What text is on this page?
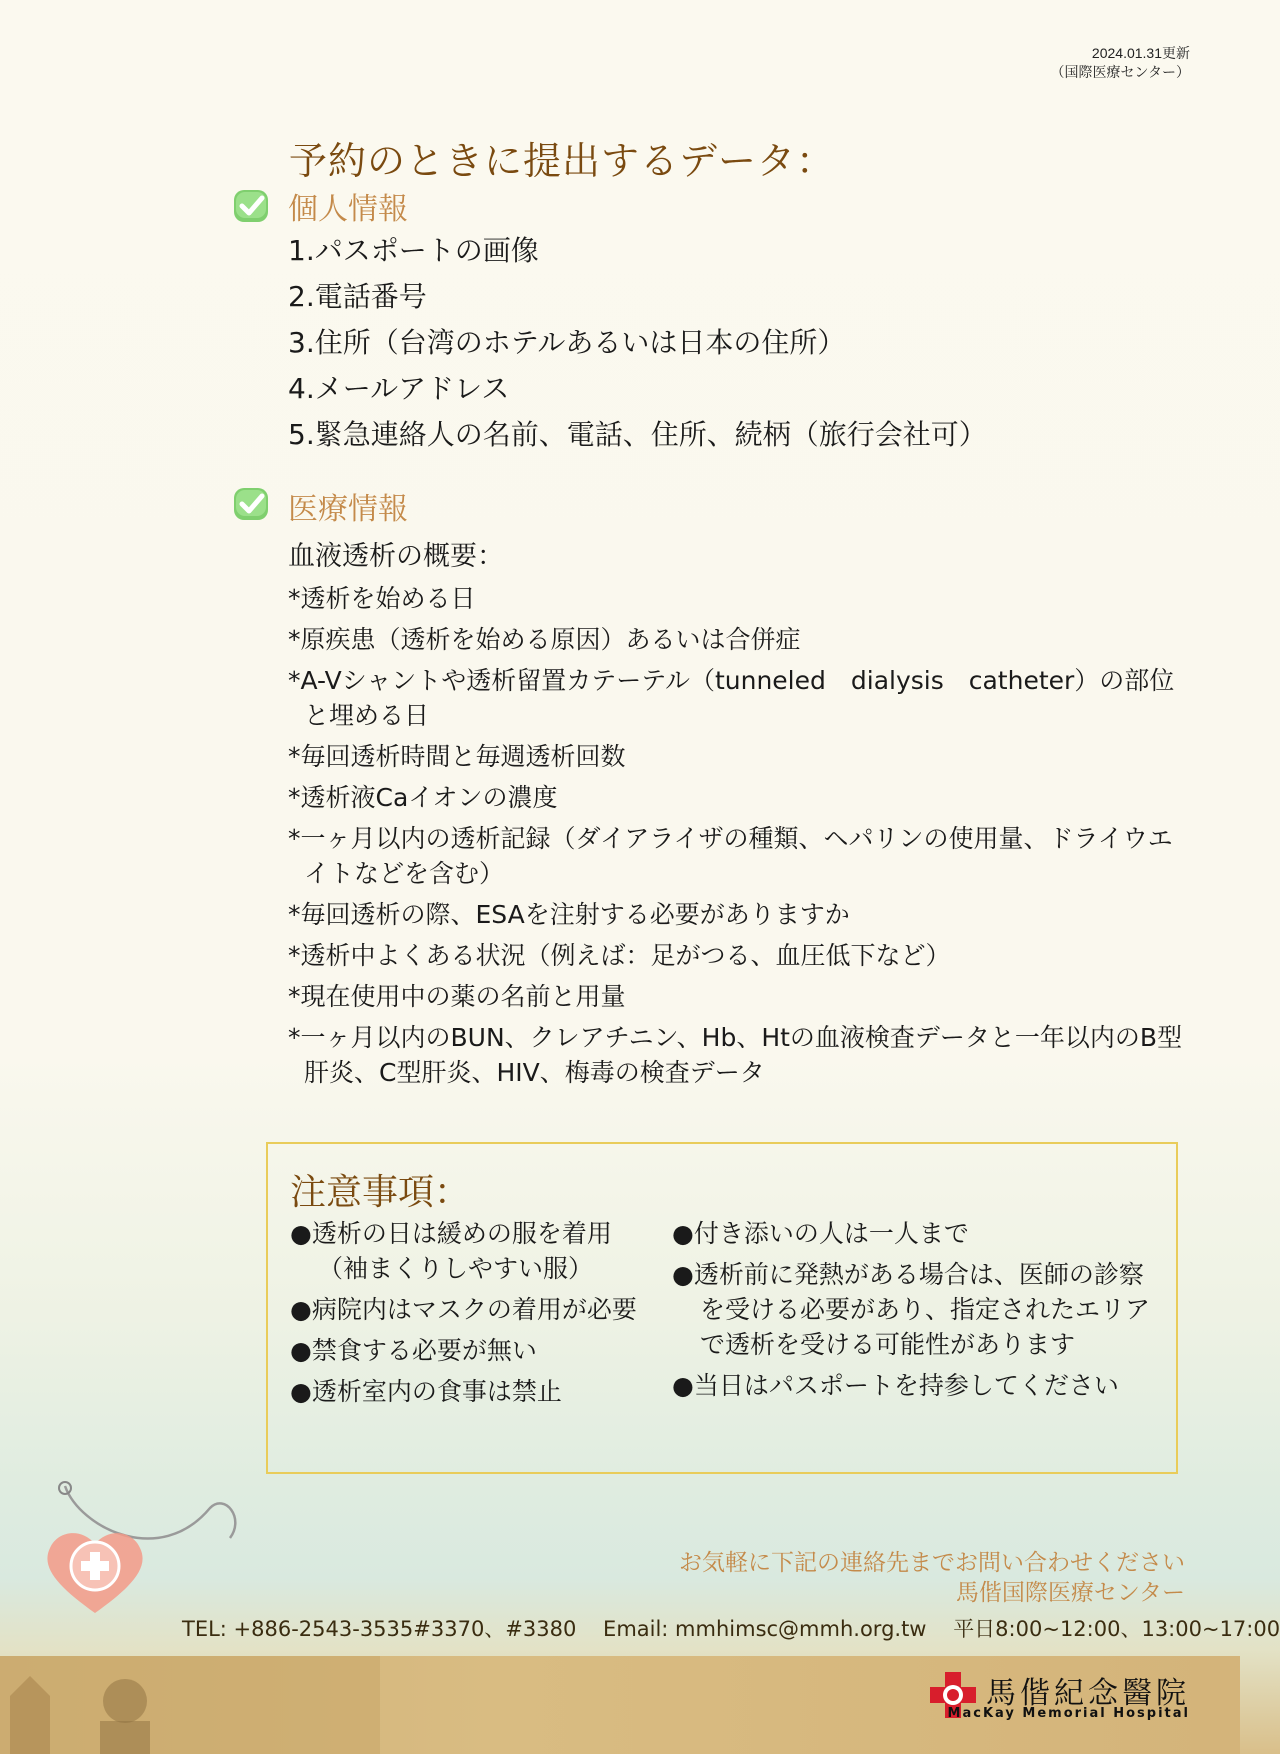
2024.01.31更新
（国際医療センター）
予約のときに提出するデータ：
個人情報
1.パスポートの画像
2.電話番号
3.住所（台湾のホテルあるいは日本の住所）
4.メールアドレス
5.緊急連絡人の名前、電話、住所、続柄（旅行会社可）
医療情報
血液透析の概要：
*透析を始める日
*原疾患（透析を始める原因）あるいは合併症
*A-Vシャントや透析留置カテーテル（tunneled　dialysis　catheter）の部位と埋める日
*毎回透析時間と毎週透析回数
*透析液Caイオンの濃度
*一ヶ月以内の透析記録（ダイアライザの種類、ヘパリンの使用量、ドライウエイトなどを含む）
*毎回透析の際、ESAを注射する必要がありますか
*透析中よくある状況（例えば：足がつる、血圧低下など）
*現在使用中の薬の名前と用量
*一ヶ月以内のBUN、クレアチニン、Hb、Htの血液検査データと一年以内のB型肝炎、C型肝炎、HIV、梅毒の検査データ
注意事項：
●透析の日は緩めの服を着用（袖まくりしやすい服）
●病院内はマスクの着用が必要
●禁食する必要が無い
●透析室内の食事は禁止
●付き添いの人は一人まで
●透析前に発熱がある場合は、医師の診察を受ける必要があり、指定されたエリアで透析を受ける可能性があります
●当日はパスポートを持参してください
お気軽に下記の連絡先までお問い合わせください
馬偕国際医療センター
TEL: +886-2543-3535#3370、#3380 Email: mmhimsc@mmh.org.tw 平日8:00~12:00、13:00~17:00
馬偕紀念醫院
MacKay Memorial Hospital
